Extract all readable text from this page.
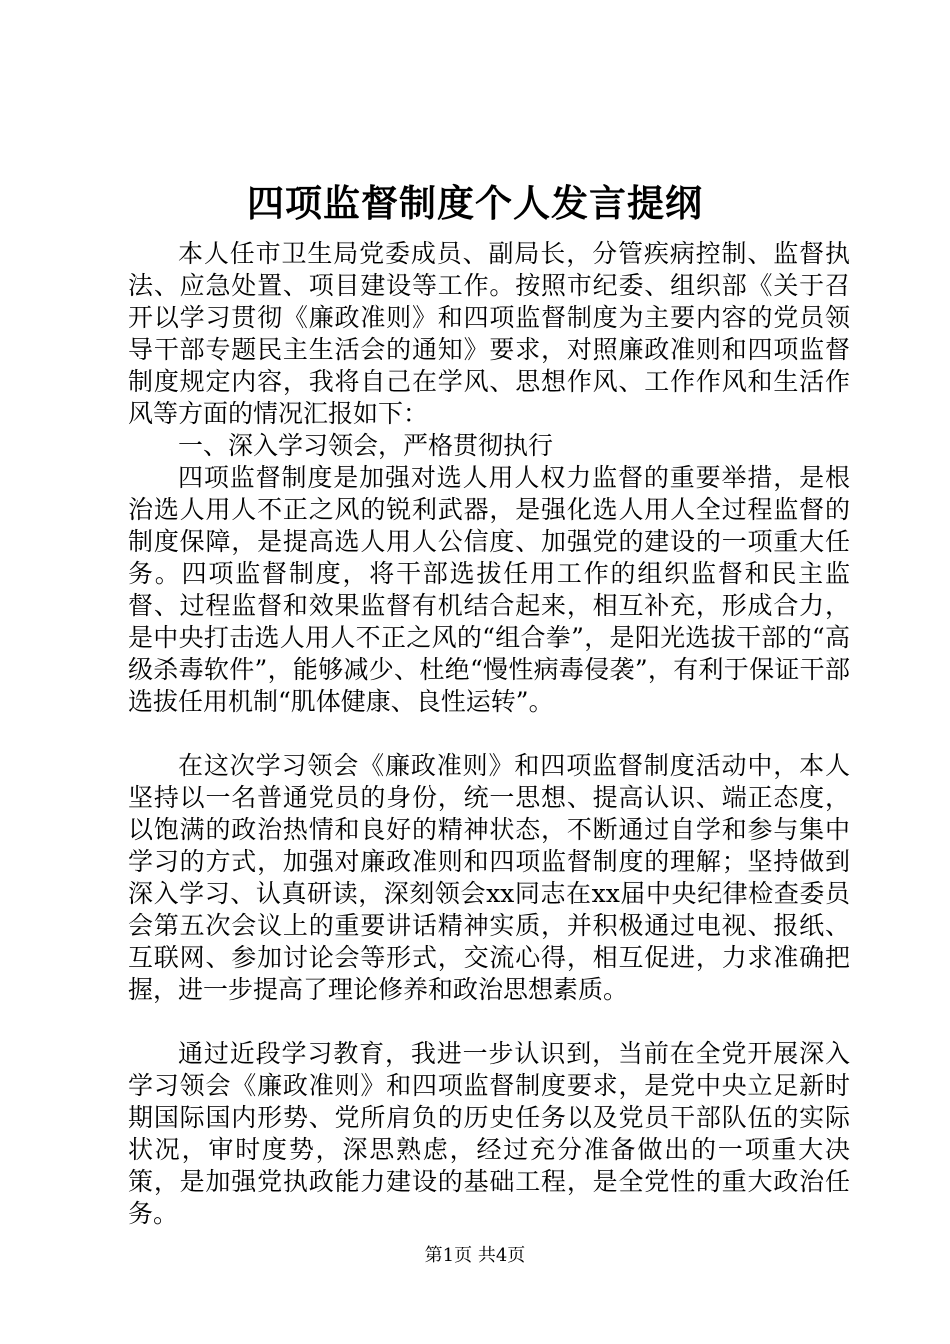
四项监督制度个人发言提纲

本人任市卫生局党委成员、副局长，分管疾病控制、监督执法、应急处置、项目建设等工作。按照市纪委、组织部《关于召开以学习贯彻《廉政准则》和四项监督制度为主要内容的党员领导干部专题民主生活会的通知》要求，对照廉政准则和四项监督制度规定内容，我将自己在学风、思想作风、工作作风和生活作风等方面的情况汇报如下：

一、深入学习领会，严格贯彻执行

四项监督制度是加强对选人用人权力监督的重要举措，是根治选人用人不正之风的锐利武器，是强化选人用人全过程监督的制度保障，是提高选人用人公信度、加强党的建设的一项重大任务。四项监督制度，将干部选拔任用工作的组织监督和民主监督、过程监督和效果监督有机结合起来，相互补充，形成合力，是中央打击选人用人不正之风的“组合拳”，是阳光选拔干部的“高级杀毒软件”，能够减少、杜绝“慢性病毒侵袭”，有利于保证干部选拔任用机制“肌体健康、良性运转”。

在这次学习领会《廉政准则》和四项监督制度活动中，本人坚持以一名普通党员的身份，统一思想、提高认识、端正态度，以饱满的政治热情和良好的精神状态，不断通过自学和参与集中学习的方式，加强对廉政准则和四项监督制度的理解；坚持做到深入学习、认真研读，深刻领会xx同志在xx届中央纪律检查委员会第五次会议上的重要讲话精神实质，并积极通过电视、报纸、互联网、参加讨论会等形式，交流心得，相互促进，力求准确把握，进一步提高了理论修养和政治思想素质。

通过近段学习教育，我进一步认识到，当前在全党开展深入学习领会《廉政准则》和四项监督制度要求，是党中央立足新时期国际国内形势、党所肩负的历史任务以及党员干部队伍的实际状况，审时度势，深思熟虑，经过充分准备做出的一项重大决策，是加强党执政能力建设的基础工程，是全党性的重大政治任务。

第1页 共4页
